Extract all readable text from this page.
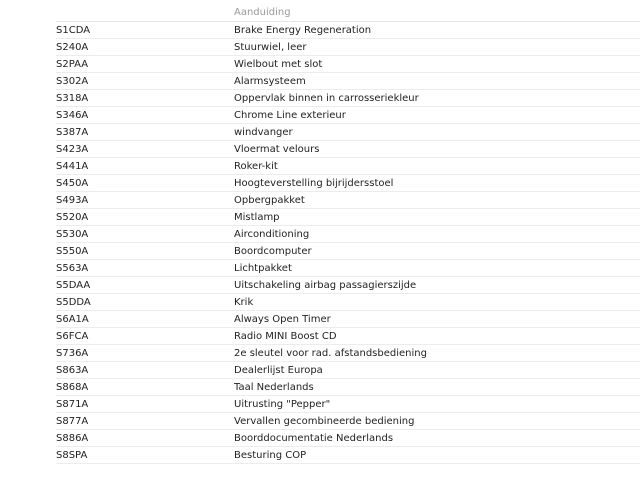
	Aanduiding
S1CDA	Brake Energy Regeneration
S240A	Stuurwiel, leer
S2PAA	Wielbout met slot
S302A	Alarmsysteem
S318A	Oppervlak binnen in carrosseriekleur
S346A	Chrome Line exterieur
S387A	windvanger
S423A	Vloermat velours
S441A	Roker-kit
S450A	Hoogteverstelling bijrijdersstoel
S493A	Opbergpakket
S520A	Mistlamp
S530A	Airconditioning
S550A	Boordcomputer
S563A	Lichtpakket
S5DAA	Uitschakeling airbag passagierszijde
S5DDA	Krik
S6A1A	Always Open Timer
S6FCA	Radio MINI Boost CD
S736A	2e sleutel voor rad. afstandsbediening
S863A	Dealerlijst Europa
S868A	Taal Nederlands
S871A	Uitrusting "Pepper"
S877A	Vervallen gecombineerde bediening
S886A	Boorddocumentatie Nederlands
S8SPA	Besturing COP
